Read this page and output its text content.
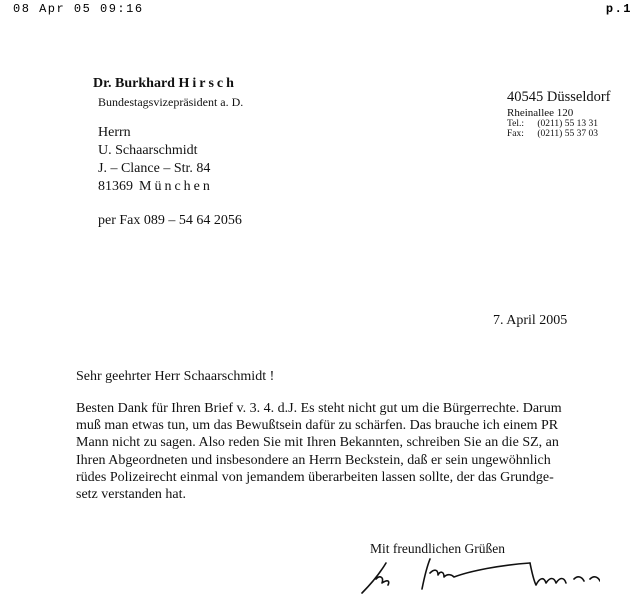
08 Apr 05 09:16	p.1
Dr. Burkhard Hirsch
Bundestagsvizepräsident a. D.	40545 Düsseldorf
Rheinallee 120
Tel.: (0211) 55 13 31
Fax: (0211) 55 37 03
Herrn
U. Schaarschmidt
J. – Clance – Str. 84
81369 München
per Fax 089 – 54 64 2056
7. April 2005
Sehr geehrter Herr Schaarschmidt !
Besten Dank für Ihren Brief v. 3. 4. d.J. Es steht nicht gut um die Bürgerrechte. Darum
muß man etwas tun, um das Bewußtsein dafür zu schärfen. Das brauche ich einem PR
Mann nicht zu sagen. Also reden Sie mit Ihren Bekannten, schreiben Sie an die SZ, an
Ihren Abgeordneten und insbesondere an Herrn Beckstein, daß er sein ungewöhnlich
rüdes Polizeirecht einmal von jemandem überarbeiten lassen sollte, der das Grundge-
setz verstanden hat.
Mit freundlichen Grüßen
